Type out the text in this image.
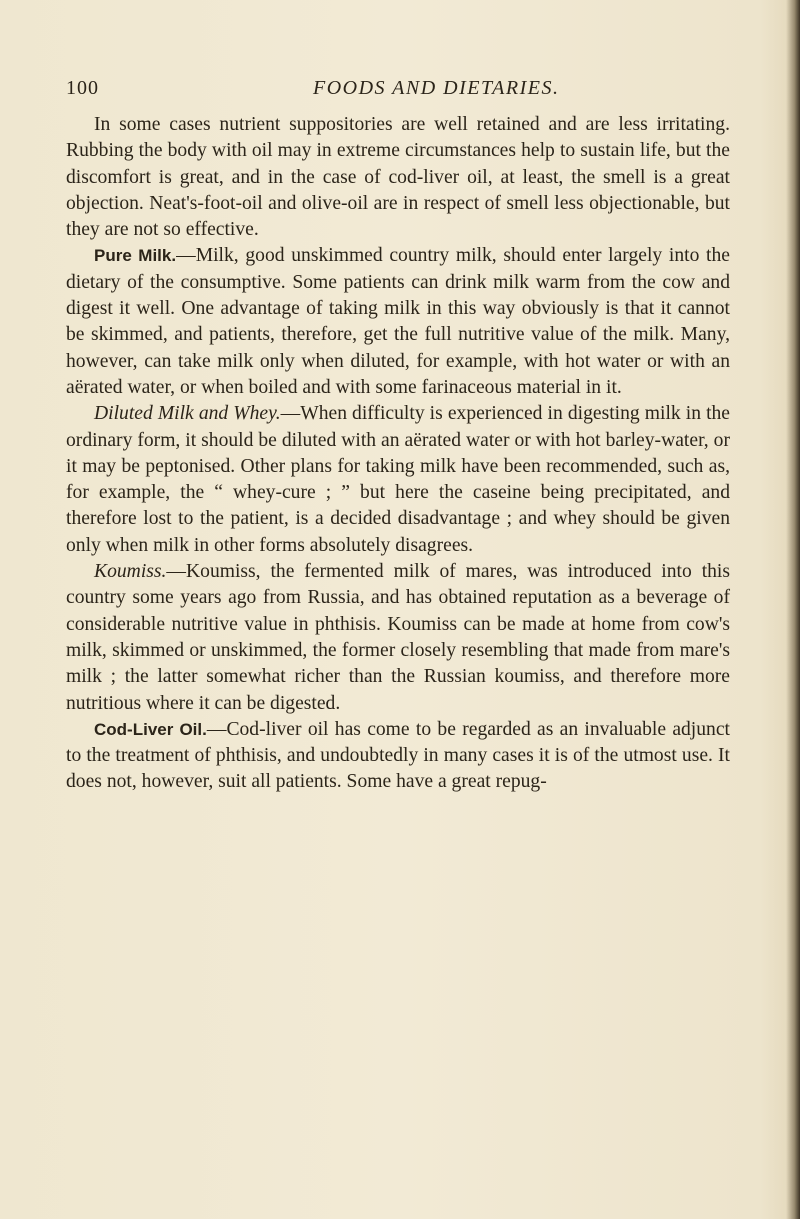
100	FOODS AND DIETARIES.

In some cases nutrient suppositories are well retained and are less irritating. Rubbing the body with oil may in extreme circumstances help to sustain life, but the discomfort is great, and in the case of cod-liver oil, at least, the smell is a great objection. Neat's-foot-oil and olive-oil are in respect of smell less objectionable, but they are not so effective.

Pure Milk.—Milk, good unskimmed country milk, should enter largely into the dietary of the consumptive. Some patients can drink milk warm from the cow and digest it well. One advantage of taking milk in this way obviously is that it cannot be skimmed, and patients, therefore, get the full nutritive value of the milk. Many, however, can take milk only when diluted, for example, with hot water or with an aërated water, or when boiled and with some farinaceous material in it.

Diluted Milk and Whey.—When difficulty is experienced in digesting milk in the ordinary form, it should be diluted with an aërated water or with hot barley-water, or it may be peptonised. Other plans for taking milk have been recommended, such as, for example, the “ whey-cure ; ” but here the caseine being precipitated, and therefore lost to the patient, is a decided disadvantage ; and whey should be given only when milk in other forms absolutely disagrees.

Koumiss.—Koumiss, the fermented milk of mares, was introduced into this country some years ago from Russia, and has obtained reputation as a beverage of considerable nutritive value in phthisis. Koumiss can be made at home from cow's milk, skimmed or unskimmed, the former closely resembling that made from mare's milk ; the latter somewhat richer than the Russian koumiss, and therefore more nutritious where it can be digested.

Cod-Liver Oil.—Cod-liver oil has come to be regarded as an invaluable adjunct to the treatment of phthisis, and undoubtedly in many cases it is of the utmost use. It does not, however, suit all patients. Some have a great repug-
